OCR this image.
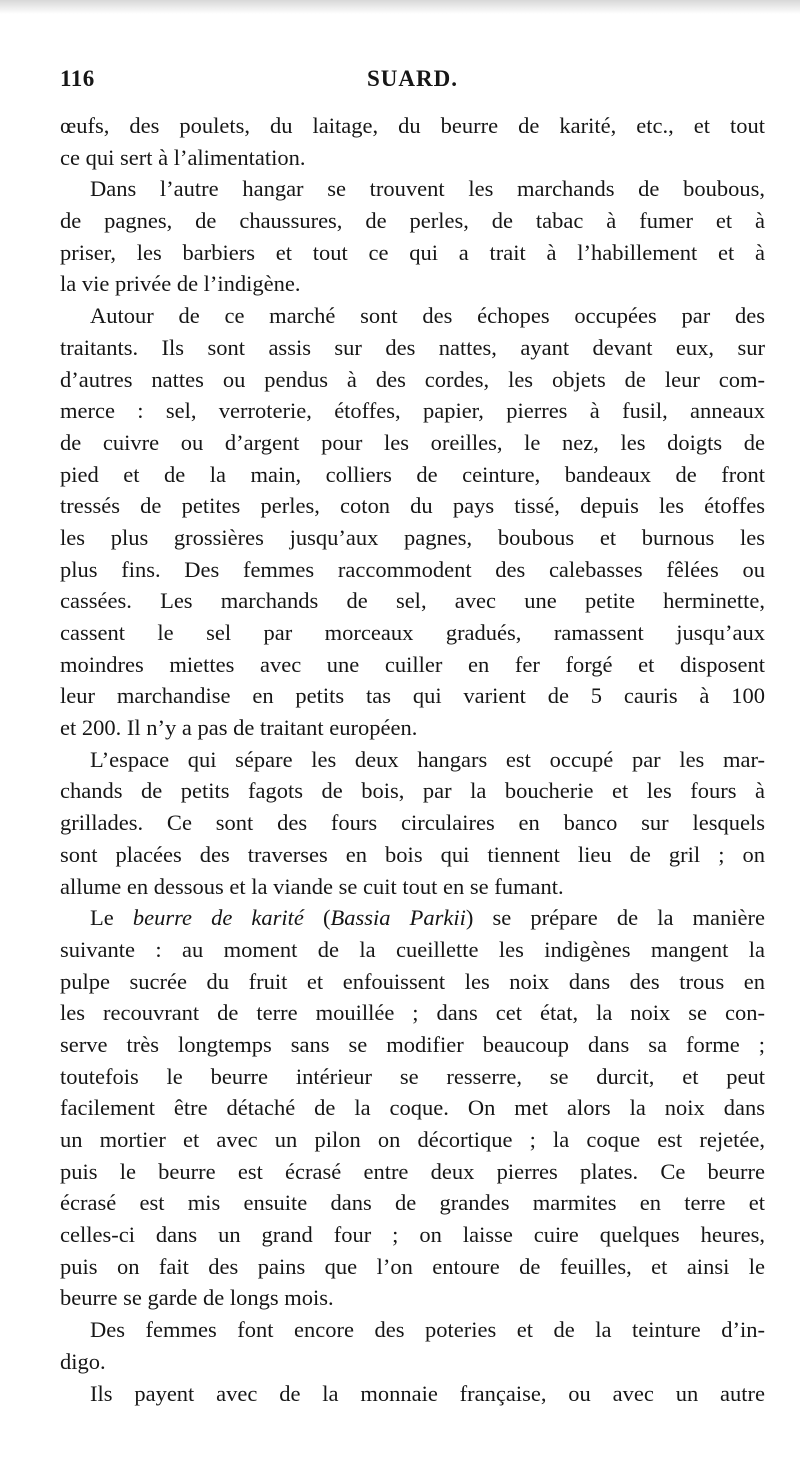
116	SUARD.
œufs, des poulets, du laitage, du beurre de karité, etc., et tout
ce qui sert à l’alimentation.
Dans l’autre hangar se trouvent les marchands de boubous,
de pagnes, de chaussures, de perles, de tabac à fumer et à
priser, les barbiers et tout ce qui a trait à l’habillement et à
la vie privée de l’indigène.
Autour de ce marché sont des échopes occupées par des
traitants. Ils sont assis sur des nattes, ayant devant eux, sur
d’autres nattes ou pendus à des cordes, les objets de leur com-
merce : sel, verroterie, étoffes, papier, pierres à fusil, anneaux
de cuivre ou d’argent pour les oreilles, le nez, les doigts de
pied et de la main, colliers de ceinture, bandeaux de front
tressés de petites perles, coton du pays tissé, depuis les étoffes
les plus grossières jusqu’aux pagnes, boubous et burnous les
plus fins. Des femmes raccommodent des calebasses fêlées ou
cassées. Les marchands de sel, avec une petite herminette,
cassent le sel par morceaux gradués, ramassent jusqu’aux
moindres miettes avec une cuiller en fer forgé et disposent
leur marchandise en petits tas qui varient de 5 cauris à 100
et 200. Il n’y a pas de traitant européen.
L’espace qui sépare les deux hangars est occupé par les mar-
chands de petits fagots de bois, par la boucherie et les fours à
grillades. Ce sont des fours circulaires en banco sur lesquels
sont placées des traverses en bois qui tiennent lieu de gril ; on
allume en dessous et la viande se cuit tout en se fumant.
Le beurre de karité (Bassia Parkii) se prépare de la manière
suivante : au moment de la cueillette les indigènes mangent la
pulpe sucrée du fruit et enfouissent les noix dans des trous en
les recouvrant de terre mouillée ; dans cet état, la noix se con-
serve très longtemps sans se modifier beaucoup dans sa forme ;
toutefois le beurre intérieur se resserre, se durcit, et peut
facilement être détaché de la coque. On met alors la noix dans
un mortier et avec un pilon on décortique ; la coque est rejetée,
puis le beurre est écrasé entre deux pierres plates. Ce beurre
écrasé est mis ensuite dans de grandes marmites en terre et
celles-ci dans un grand four ; on laisse cuire quelques heures,
puis on fait des pains que l’on entoure de feuilles, et ainsi le
beurre se garde de longs mois.
Des femmes font encore des poteries et de la teinture d’in-
digo.
Ils payent avec de la monnaie française, ou avec un autre
